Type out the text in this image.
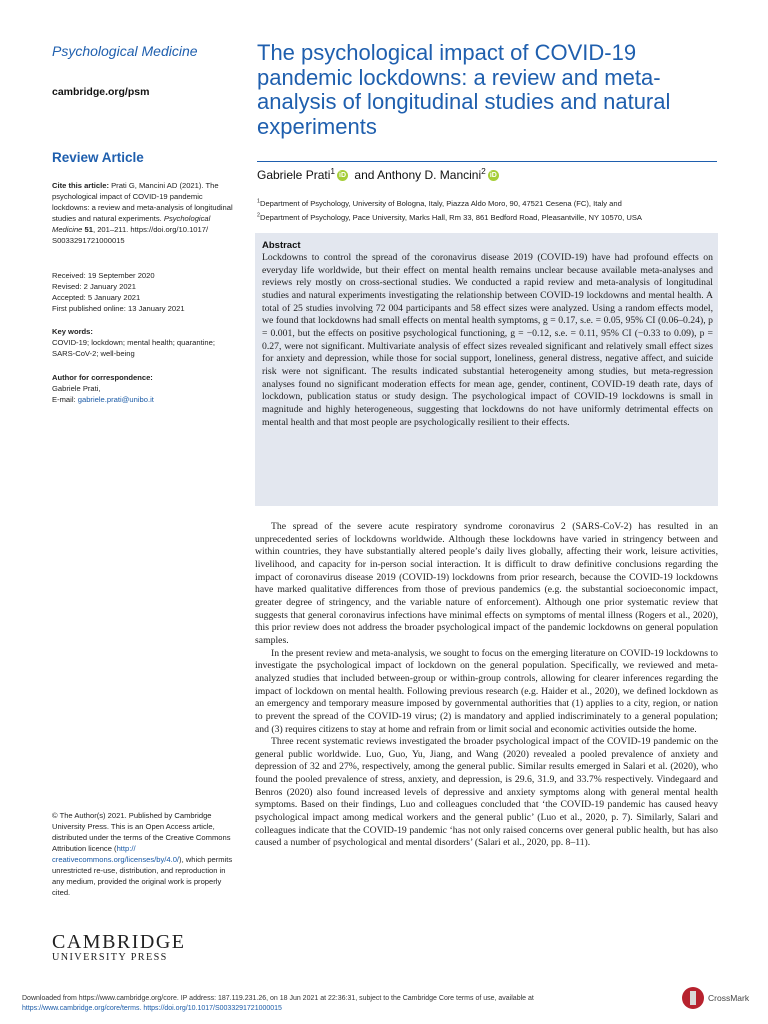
Psychological Medicine
cambridge.org/psm
The psychological impact of COVID-19 pandemic lockdowns: a review and meta-analysis of longitudinal studies and natural experiments
Review Article
Gabriele Prati$^1$ iD and Anthony D. Mancini$^2$ iD
$^1$Department of Psychology, University of Bologna, Italy, Piazza Aldo Moro, 90, 47521 Cesena (FC), Italy and
$^2$Department of Psychology, Pace University, Marks Hall, Rm 33, 861 Bedford Road, Pleasantville, NY 10570, USA
Cite this article: Prati G, Mancini AD (2021). The psychological impact of COVID-19 pandemic lockdowns: a review and meta-analysis of longitudinal studies and natural experiments. Psychological Medicine 51, 201–211. https://doi.org/10.1017/ S0033291721000015
Received: 19 September 2020
Revised: 2 January 2021
Accepted: 5 January 2021
First published online: 13 January 2021
Key words:
COVID-19; lockdown; mental health; quarantine; SARS-CoV-2; well-being
Author for correspondence:
Gabriele Prati,
E-mail: gabriele.prati@unibo.it
© The Author(s) 2021. Published by Cambridge University Press. This is an Open Access article, distributed under the terms of the Creative Commons Attribution licence (http:// creativecommons.org/licenses/by/4.0/), which permits unrestricted re-use, distribution, and reproduction in any medium, provided the original work is properly cited.
CAMBRIDGE
UNIVERSITY PRESS
Abstract
Lockdowns to control the spread of the coronavirus disease 2019 (COVID-19) have had profound effects on everyday life worldwide, but their effect on mental health remains unclear because available meta-analyses and reviews rely mostly on cross-sectional studies. We conducted a rapid review and meta-analysis of longitudinal studies and natural experiments investigating the relationship between COVID-19 lockdowns and mental health. A total of 25 studies involving 72 004 participants and 58 effect sizes were analyzed. Using a random effects model, we found that lockdowns had small effects on mental health symptoms, g = 0.17, s.e. = 0.05, 95% CI (0.06–0.24), p = 0.001, but the effects on positive psychological functioning, g = −0.12, s.e. = 0.11, 95% CI (−0.33 to 0.09), p = 0.27, were not significant. Multivariate analysis of effect sizes revealed significant and relatively small effect sizes for anxiety and depression, while those for social support, loneliness, general distress, negative affect, and suicide risk were not significant. The results indicated substantial heterogeneity among studies, but meta-regression analyses found no significant moderation effects for mean age, gender, continent, COVID-19 death rate, days of lockdown, publication status or study design. The psychological impact of COVID-19 lockdowns is small in magnitude and highly heterogeneous, suggesting that lockdowns do not have uniformly detrimental effects on mental health and that most people are psychologically resilient to their effects.

The spread of the severe acute respiratory syndrome coronavirus 2 (SARS-CoV-2) has resulted in an unprecedented series of lockdowns worldwide. Although these lockdowns have varied in stringency between and within countries, they have substantially altered people’s daily lives globally, affecting their work, leisure activities, livelihood, and capacity for in-person social interaction. It is difficult to draw definitive conclusions regarding the impact of coronavirus disease 2019 (COVID-19) lockdowns from prior research, because the COVID-19 lockdowns have marked qualitative differences from those of previous pandemics (e.g. the substantial socioeconomic impact, greater degree of stringency, and the variable nature of enforcement). Although one prior systematic review that suggests that general coronavirus infections have minimal effects on symptoms of mental illness (Rogers et al., 2020), this prior review does not address the broader psychological impact of the pandemic lockdowns on general population samples.

In the present review and meta-analysis, we sought to focus on the emerging literature on COVID-19 lockdowns to investigate the psychological impact of lockdown on the general population. Specifically, we reviewed and meta-analyzed studies that included between-group or within-group controls, allowing for clearer inferences regarding the impact of lockdown on mental health. Following previous research (e.g. Haider et al., 2020), we defined lockdown as an emergency and temporary measure imposed by governmental authorities that (1) applies to a city, region, or nation to prevent the spread of the COVID-19 virus; (2) is mandatory and applied indiscriminately to a general population; and (3) requires citizens to stay at home and refrain from or limit social and economic activities outside the home.

Three recent systematic reviews investigated the broader psychological impact of the COVID-19 pandemic on the general public worldwide. Luo, Guo, Yu, Jiang, and Wang (2020) revealed a pooled prevalence of anxiety and depression of 32 and 27%, respectively, among the general public. Similar results emerged in Salari et al. (2020), who found the pooled prevalence of stress, anxiety, and depression, is 29.6, 31.9, and 33.7% respectively. Vindegaard and Benros (2020) also found increased levels of depressive and anxiety symptoms along with general mental health symptoms. Based on their findings, Luo and colleagues concluded that ‘the COVID-19 pandemic has caused heavy psychological impact among medical workers and the general public’ (Luo et al., 2020, p. 7). Similarly, Salari and colleagues indicate that the COVID-19 pandemic ‘has not only raised concerns over general public health, but has also caused a number of psychological and mental disorders’ (Salari et al., 2020, pp. 8–11).

Downloaded from https://www.cambridge.org/core. IP address: 187.119.231.26, on 18 Jun 2021 at 22:36:31, subject to the Cambridge Core terms of use, available at
https://www.cambridge.org/core/terms. https://doi.org/10.1017/S0033291721000015
CrossMark
